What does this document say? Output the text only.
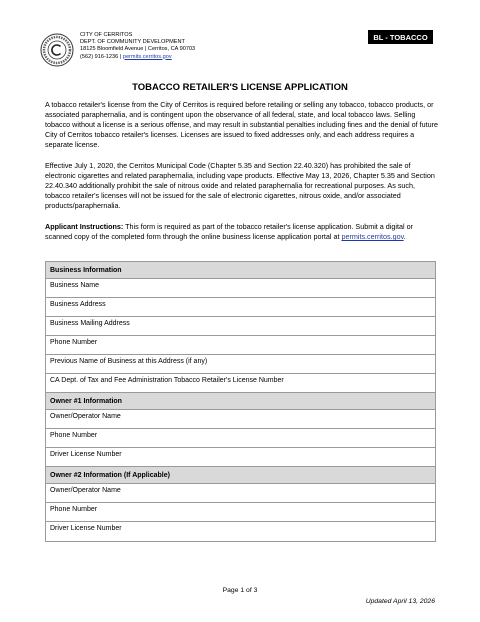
CITY OF CERRITOS
DEPT. OF COMMUNITY DEVELOPMENT
18125 Bloomfield Avenue | Cerritos, CA 90703
(562) 916-1236 | permits.cerritos.gov
BL - TOBACCO
TOBACCO RETAILER'S LICENSE APPLICATION
A tobacco retailer's license from the City of Cerritos is required before retailing or selling any tobacco, tobacco products, or associated paraphernalia, and is contingent upon the observance of all federal, state, and local tobacco laws. Selling tobacco without a license is a serious offense, and may result in substantial penalties including fines and the denial of future City of Cerritos tobacco retailer's licenses. Licenses are issued to fixed addresses only, and each address requires a separate license.
Effective July 1, 2020, the Cerritos Municipal Code (Chapter 5.35 and Section 22.40.320) has prohibited the sale of electronic cigarettes and related paraphernalia, including vape products. Effective May 13, 2026, Chapter 5.35 and Section 22.40.340 additionally prohibit the sale of nitrous oxide and related paraphernalia for recreational purposes. As such, tobacco retailer's licenses will not be issued for the sale of electronic cigarettes, nitrous oxide, and/or associated products/paraphernalia.
Applicant Instructions: This form is required as part of the tobacco retailer's license application. Submit a digital or scanned copy of the completed form through the online business license application portal at permits.cerritos.gov.
Business Information
Business Name
Business Address
Business Mailing Address
Phone Number
Previous Name of Business at this Address (if any)
CA Dept. of Tax and Fee Administration Tobacco Retailer's License Number
Owner #1 Information
Owner/Operator Name
Phone Number
Driver License Number
Owner #2 Information (If Applicable)
Owner/Operator Name
Phone Number
Driver License Number
Page 1 of 3
Updated April 13, 2026
